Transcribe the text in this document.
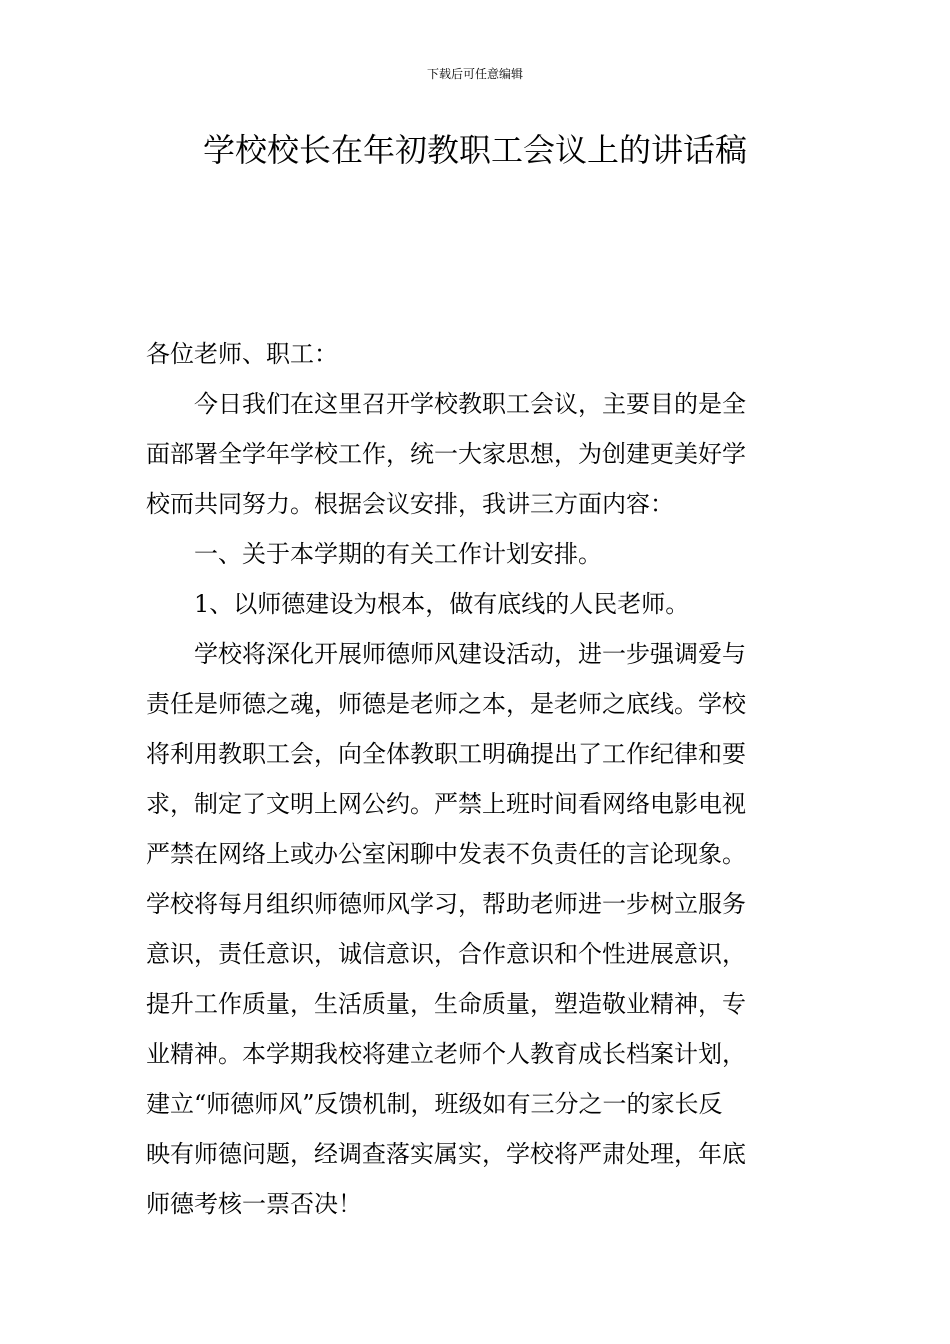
下载后可任意编辑
学校校长在年初教职工会议上的讲话稿

各位老师、职工：

今日我们在这里召开学校教职工会议，主要目的是全
面部署全学年学校工作，统一大家思想，为创建更美好学
校而共同努力。根据会议安排，我讲三方面内容：
一、关于本学期的有关工作计划安排。
1、以师德建设为根本，做有底线的人民老师。
学校将深化开展师德师风建设活动，进一步强调爱与
责任是师德之魂，师德是老师之本，是老师之底线。学校
将利用教职工会，向全体教职工明确提出了工作纪律和要
求，制定了文明上网公约。严禁上班时间看网络电影电视
严禁在网络上或办公室闲聊中发表不负责任的言论现象。
学校将每月组织师德师风学习，帮助老师进一步树立服务
意识，责任意识，诚信意识，合作意识和个性进展意识，
提升工作质量，生活质量，生命质量，塑造敬业精神，专
业精神。本学期我校将建立老师个人教育成长档案计划，
建立“师德师风”反馈机制，班级如有三分之一的家长反
映有师德问题，经调查落实属实，学校将严肃处理，年底
师德考核一票否决！
